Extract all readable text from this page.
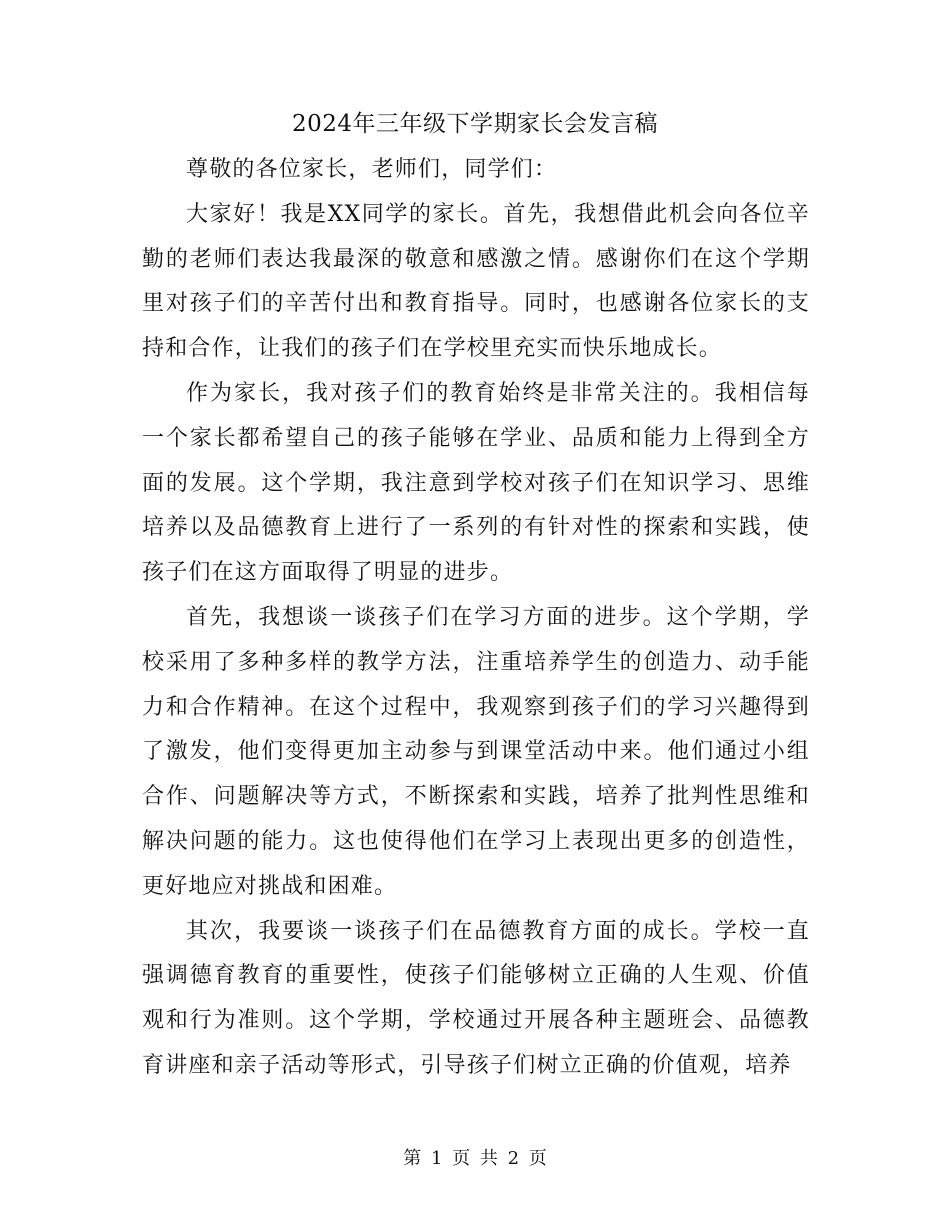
2024年三年级下学期家长会发言稿

尊敬的各位家长，老师们，同学们：

大家好！我是XX同学的家长。首先，我想借此机会向各位辛勤的老师们表达我最深的敬意和感激之情。感谢你们在这个学期里对孩子们的辛苦付出和教育指导。同时，也感谢各位家长的支持和合作，让我们的孩子们在学校里充实而快乐地成长。

作为家长，我对孩子们的教育始终是非常关注的。我相信每一个家长都希望自己的孩子能够在学业、品质和能力上得到全方面的发展。这个学期，我注意到学校对孩子们在知识学习、思维培养以及品德教育上进行了一系列的有针对性的探索和实践，使孩子们在这方面取得了明显的进步。

首先，我想谈一谈孩子们在学习方面的进步。这个学期，学校采用了多种多样的教学方法，注重培养学生的创造力、动手能力和合作精神。在这个过程中，我观察到孩子们的学习兴趣得到了激发，他们变得更加主动参与到课堂活动中来。他们通过小组合作、问题解决等方式，不断探索和实践，培养了批判性思维和解决问题的能力。这也使得他们在学习上表现出更多的创造性，更好地应对挑战和困难。

其次，我要谈一谈孩子们在品德教育方面的成长。学校一直强调德育教育的重要性，使孩子们能够树立正确的人生观、价值观和行为准则。这个学期，学校通过开展各种主题班会、品德教育讲座和亲子活动等形式，引导孩子们树立正确的价值观，培养

第 1 页 共 2 页
